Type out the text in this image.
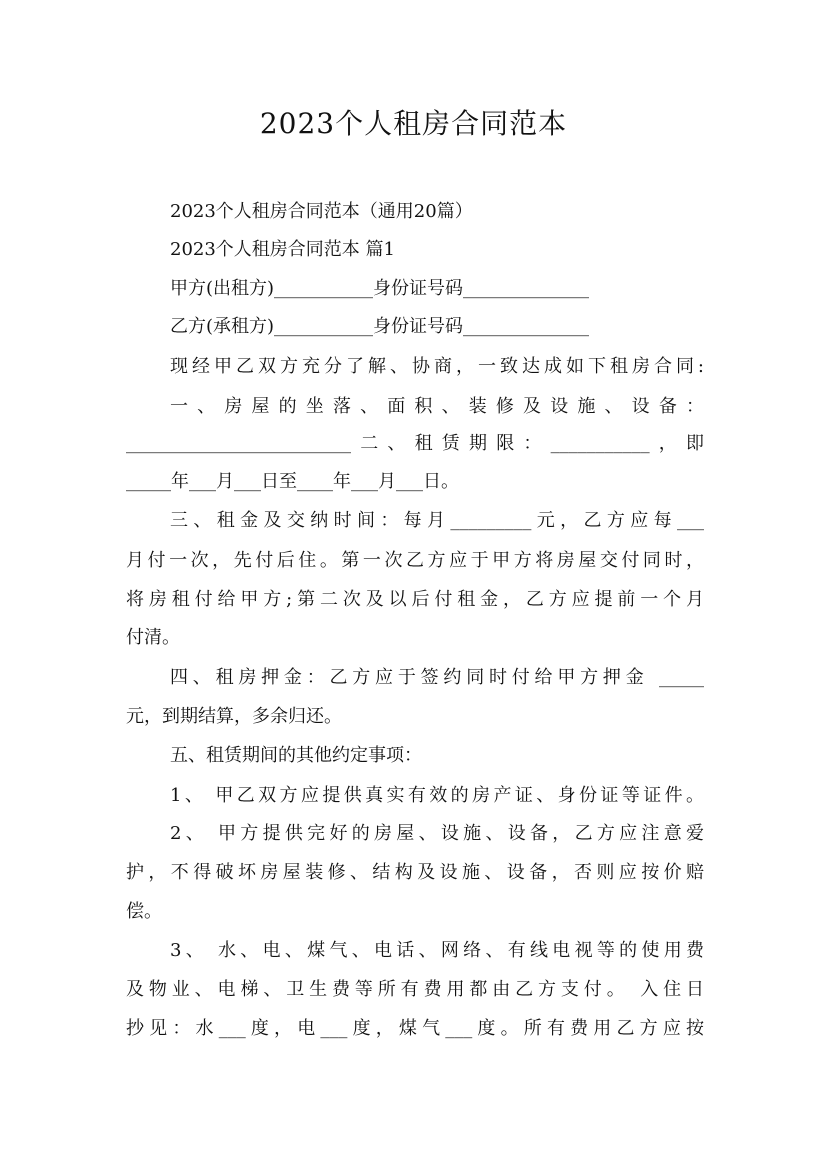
2023个人租房合同范本
2023个人租房合同范本（通用20篇）
2023个人租房合同范本 篇1
甲方(出租方)___________身份证号码______________
乙方(承租方)___________身份证号码______________
现经甲乙双方充分了解、协商，一致达成如下租房合同:
一、房屋的坐落、面积、装修及设施、设备：
_________________________二、租赁期限：___________，即
_____年___月___日至____年___月___日。
三、租金及交纳时间：每月_________元，乙方应每___
月付一次，先付后住。第一次乙方应于甲方将房屋交付同时，
将房租付给甲方;第二次及以后付租金，乙方应提前一个月
付清。
四、租房押金：乙方应于签约同时付给甲方押金 _____
元，到期结算，多余归还。
五、租赁期间的其他约定事项：
1、 甲乙双方应提供真实有效的房产证、身份证等证件。
2、 甲方提供完好的房屋、设施、设备，乙方应注意爱
护，不得破坏房屋装修、结构及设施、设备，否则应按价赔
偿。
3、 水、电、煤气、电话、网络、有线电视等的使用费
及物业、电梯、卫生费等所有费用都由乙方支付。 入住日
抄见：水___度，电___度，煤气___度。所有费用乙方应按
